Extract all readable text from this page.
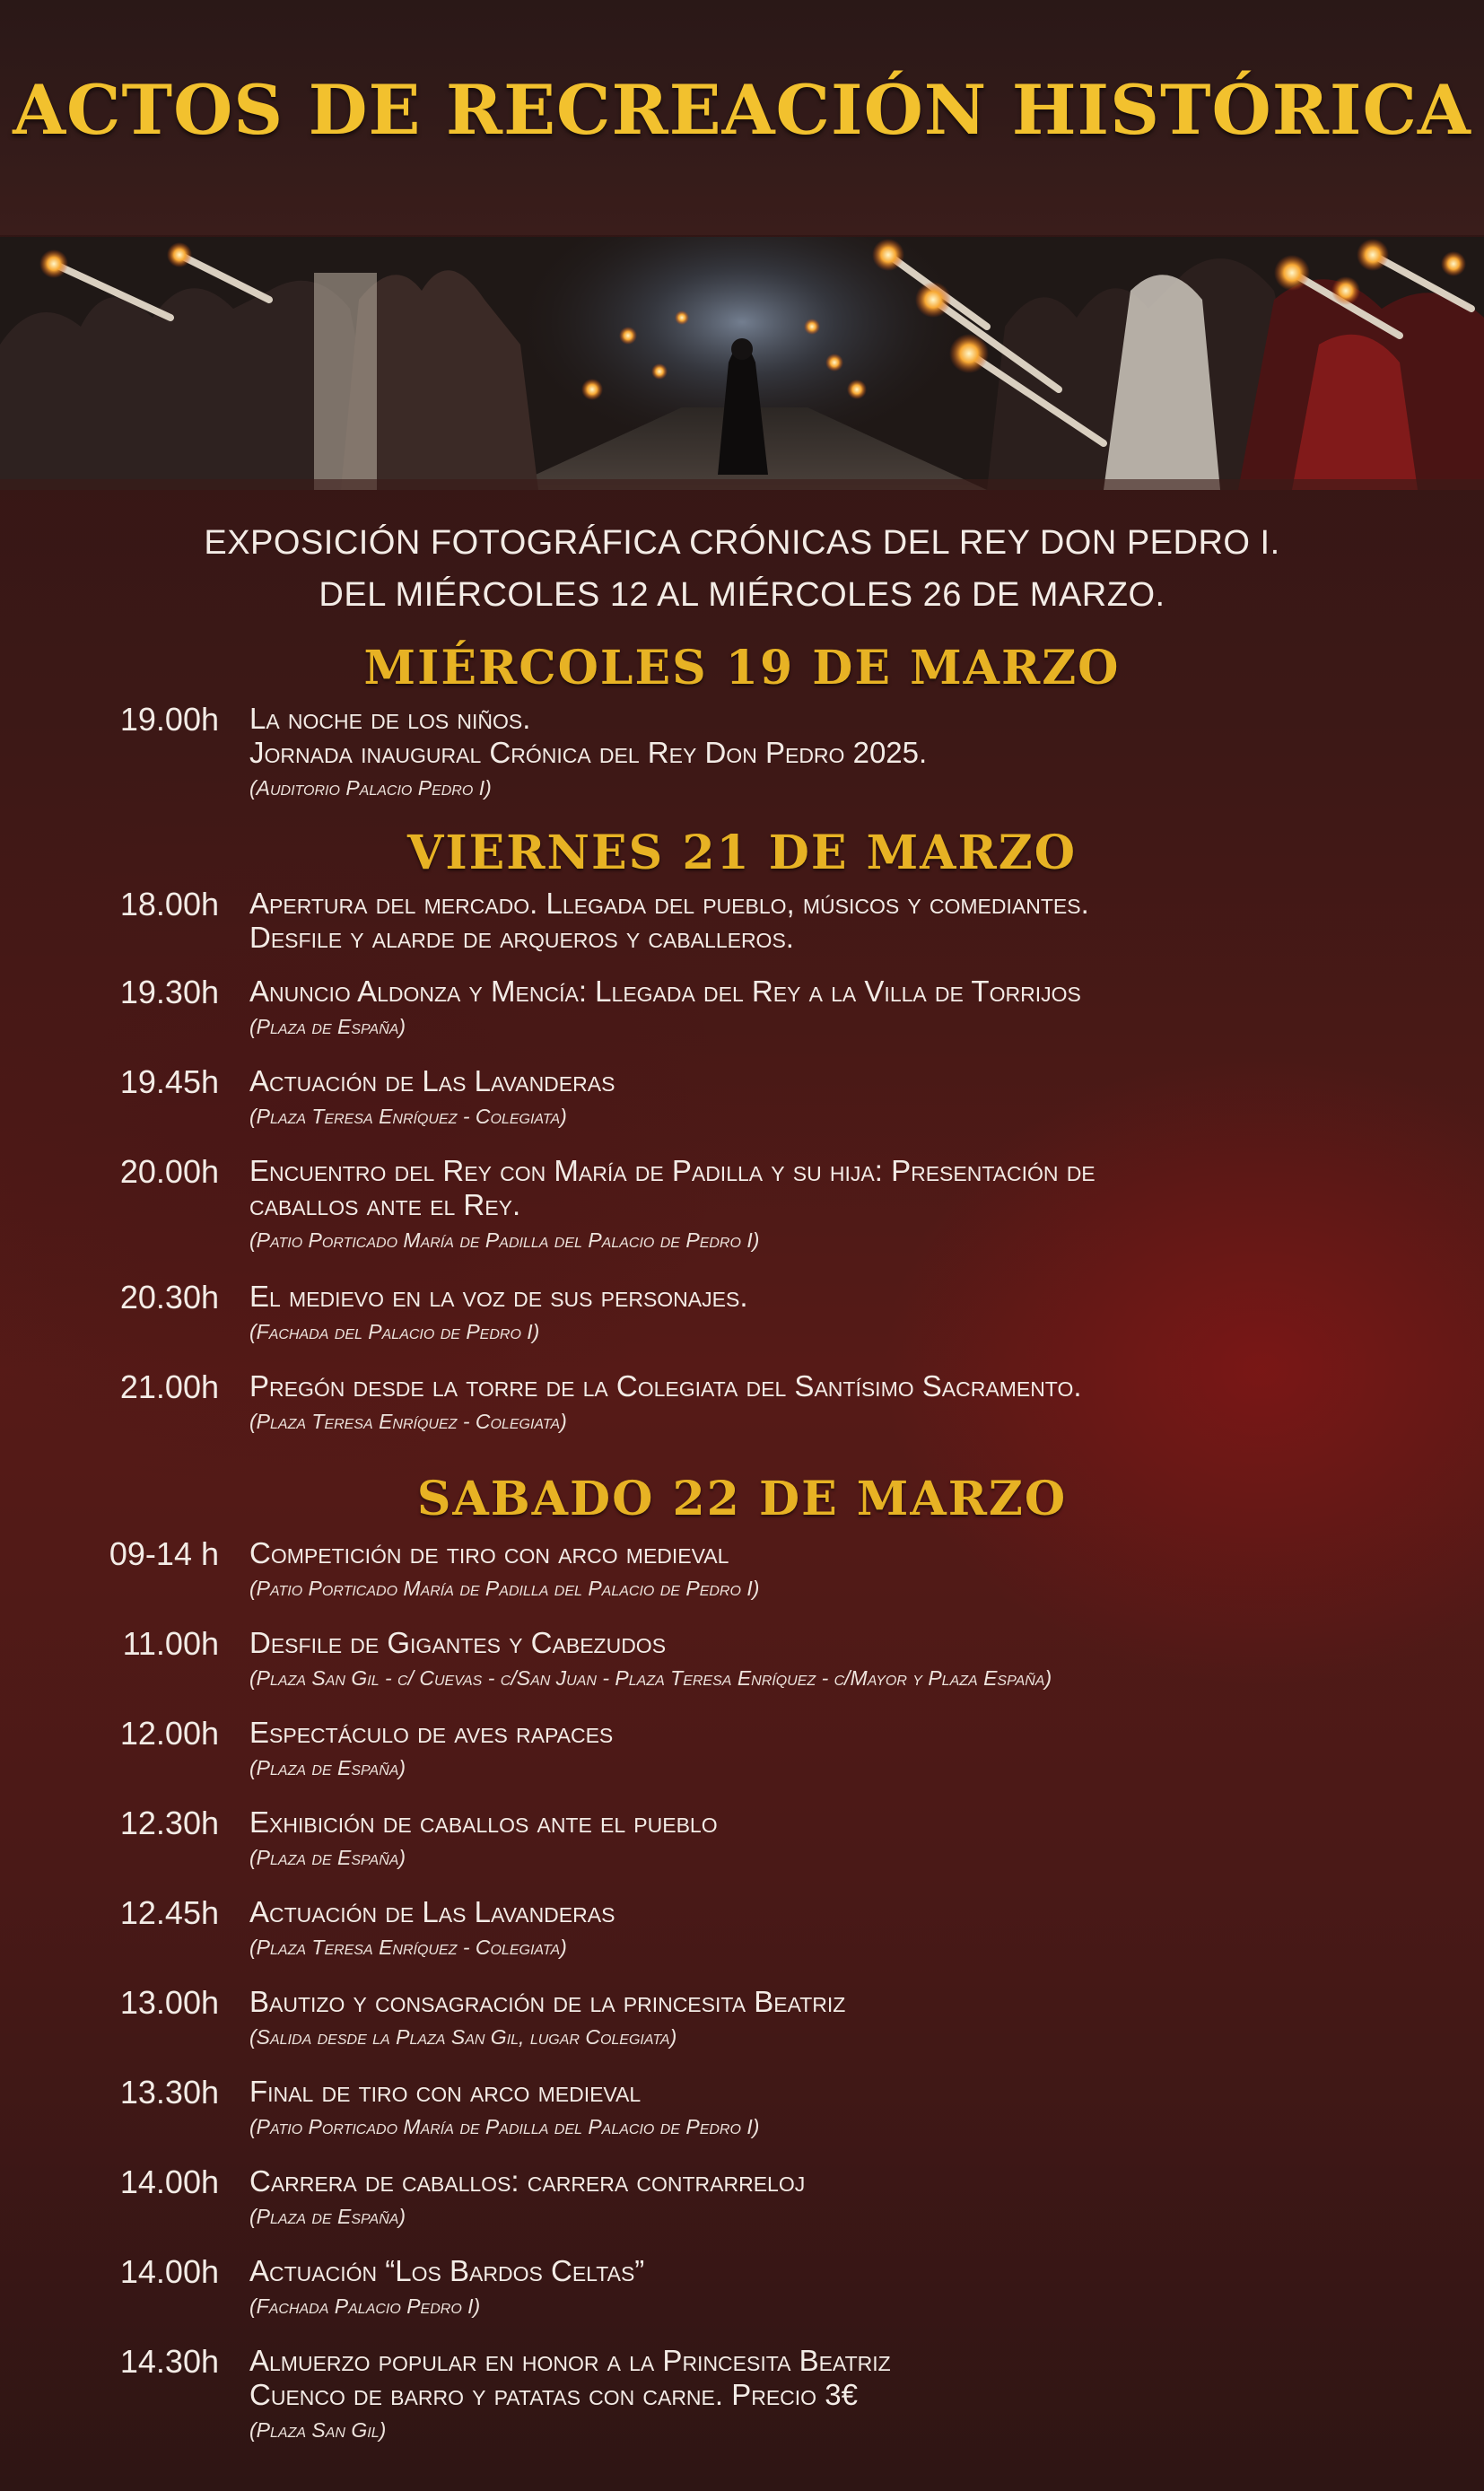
ACTOS DE RECREACIÓN HISTÓRICA
EXPOSICIÓN FOTOGRÁFICA CRÓNICAS DEL REY DON PEDRO I.
DEL MIÉRCOLES 12 AL MIÉRCOLES 26 DE MARZO.
MIÉRCOLES 19 DE MARZO
19.00h La noche de los niños.
Jornada inaugural Crónica del Rey Don Pedro 2025.
(Auditorio Palacio Pedro I)
VIERNES 21 DE MARZO
18.00h Apertura del mercado. Llegada del pueblo, músicos y comediantes.
Desfile y alarde de arqueros y caballeros.
19.30h Anuncio Aldonza y Mencía: Llegada del Rey a la Villa de Torrijos
(Plaza de España)
19.45h Actuación de Las Lavanderas
(Plaza Teresa Enríquez - Colegiata)
20.00h Encuentro del Rey con María de Padilla y su hija: Presentación de
caballos ante el Rey.
(Patio Porticado María de Padilla del Palacio de Pedro I)
20.30h El medievo en la voz de sus personajes.
(Fachada del Palacio de Pedro I)
21.00h Pregón desde la torre de la Colegiata del Santísimo Sacramento.
(Plaza Teresa Enríquez - Colegiata)
SABADO 22 DE MARZO
09-14 h Competición de tiro con arco medieval
(Patio Porticado María de Padilla del Palacio de Pedro I)
11.00h Desfile de Gigantes y Cabezudos
(Plaza San Gil - c/ Cuevas - c/San Juan - Plaza Teresa Enríquez - c/Mayor y Plaza España)
12.00h Espectáculo de aves rapaces
(Plaza de España)
12.30h Exhibición de caballos ante el pueblo
(Plaza de España)
12.45h Actuación de Las Lavanderas
(Plaza Teresa Enríquez - Colegiata)
13.00h Bautizo y consagración de la princesita Beatriz
(Salida desde la Plaza San Gil, lugar Colegiata)
13.30h Final de tiro con arco medieval
(Patio Porticado María de Padilla del Palacio de Pedro I)
14.00h Carrera de caballos: carrera contrarreloj
(Plaza de España)
14.00h Actuación “Los Bardos Celtas”
(Fachada Palacio Pedro I)
14.30h Almuerzo popular en honor a la Princesita Beatriz
Cuenco de barro y patatas con carne. Precio 3€
(Plaza San Gil)
